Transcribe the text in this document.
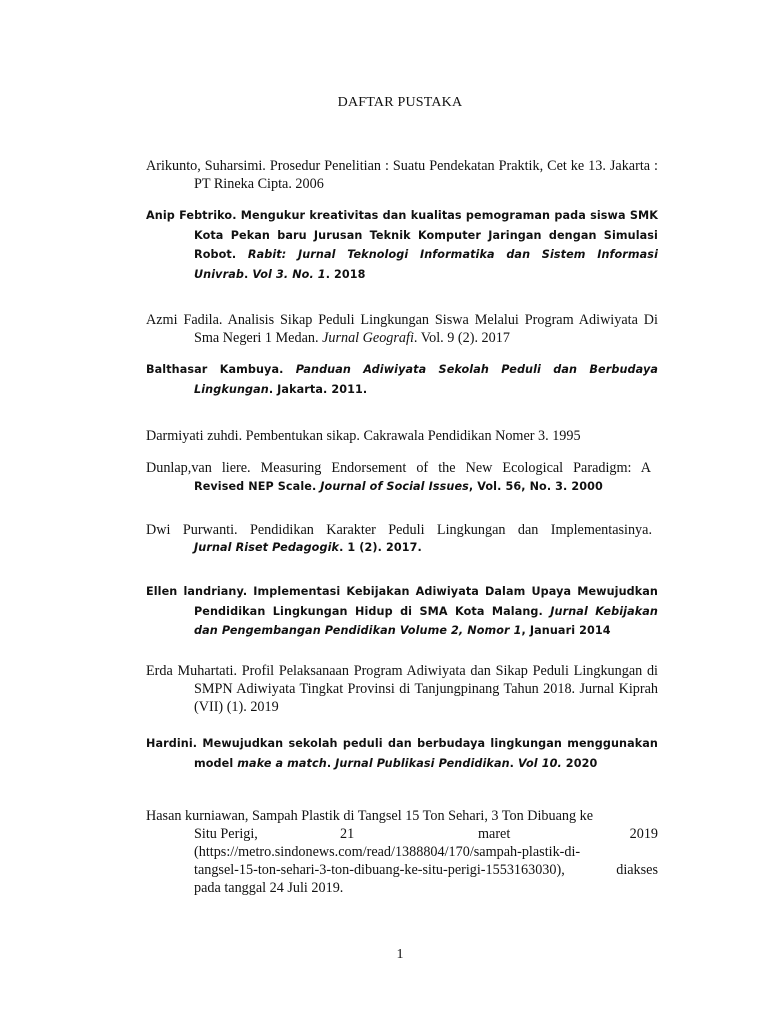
DAFTAR PUSTAKA

Arikunto, Suharsimi. Prosedur Penelitian : Suatu Pendekatan Praktik, Cet ke 13. Jakarta : PT Rineka Cipta. 2006

Anip Febtriko. Mengukur kreativitas dan kualitas pemograman pada siswa SMK Kota Pekan baru Jurusan Teknik Komputer Jaringan dengan Simulasi Robot. Rabit: Jurnal Teknologi Informatika dan Sistem Informasi Univrab. Vol 3. No. 1. 2018

Azmi Fadila. Analisis Sikap Peduli Lingkungan Siswa Melalui Program Adiwiyata Di Sma Negeri 1 Medan. Jurnal Geografi. Vol. 9 (2). 2017

Balthasar Kambuya. Panduan Adiwiyata Sekolah Peduli dan Berbudaya Lingkungan. Jakarta. 2011.

Darmiyati zuhdi. Pembentukan sikap. Cakrawala Pendidikan Nomer 3. 1995

Dunlap,van liere. Measuring Endorsement of the New Ecological Paradigm: A
Revised NEP Scale. Journal of Social Issues, Vol. 56, No. 3. 2000
Dwi Purwanti. Pendidikan Karakter Peduli Lingkungan dan Implementasinya.
Jurnal Riset Pedagogik. 1 (2). 2017.

Ellen landriany. Implementasi Kebijakan Adiwiyata Dalam Upaya Mewujudkan Pendidikan Lingkungan Hidup di SMA Kota Malang. Jurnal Kebijakan dan Pengembangan Pendidikan Volume 2, Nomor 1, Januari 2014

Erda Muhartati. Profil Pelaksanaan Program Adiwiyata dan Sikap Peduli Lingkungan di SMPN Adiwiyata Tingkat Provinsi di Tanjungpinang Tahun 2018. Jurnal Kiprah (VII) (1). 2019

Hardini. Mewujudkan sekolah peduli dan berbudaya lingkungan menggunakan model make a match. Jurnal Publikasi Pendidikan. Vol 10. 2020

Hasan kurniawan, Sampah Plastik di Tangsel 15 Ton Sehari, 3 Ton Dibuang ke
Situ Perigi,	21	maret	2019
(https://metro.sindonews.com/read/1388804/170/sampah-plastik-di-
tangsel-15-ton-sehari-3-ton-dibuang-ke-situ-perigi-1553163030),	diakses
pada tanggal 24 Juli 2019.
1
